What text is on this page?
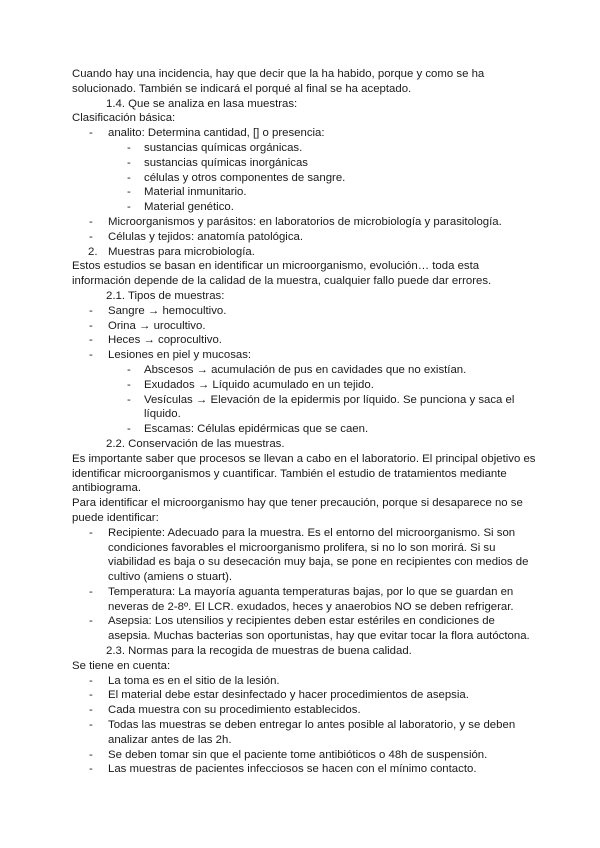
Cuando hay una incidencia, hay que decir que la ha habido, porque y como se ha
solucionado. También se indicará el porqué al final se ha aceptado.
1.4. Que se analiza en lasa muestras:
Clasificación básica:
- analito: Determina cantidad, [] o presencia:
- sustancias químicas orgánicas.
- sustancias químicas inorgánicas
- células y otros componentes de sangre.
- Material inmunitario.
- Material genético.
- Microorganismos y parásitos: en laboratorios de microbiología y parasitología.
- Células y tejidos: anatomía patológica.
2. Muestras para microbiología.
Estos estudios se basan en identificar un microorganismo, evolución… toda esta
información depende de la calidad de la muestra, cualquier fallo puede dar errores.
2.1. Tipos de muestras:
- Sangre → hemocultivo.
- Orina → urocultivo.
- Heces → coprocultivo.
- Lesiones en piel y mucosas:
- Abscesos → acumulación de pus en cavidades que no existían.
- Exudados → Líquido acumulado en un tejido.
- Vesículas → Elevación de la epidermis por líquido. Se punciona y saca el
líquido.
- Escamas: Células epidérmicas que se caen.
2.2. Conservación de las muestras.
Es importante saber que procesos se llevan a cabo en el laboratorio. El principal objetivo es
identificar microorganismos y cuantificar. También el estudio de tratamientos mediante
antibiograma.
Para identificar el microorganismo hay que tener precaución, porque si desaparece no se
puede identificar:
- Recipiente: Adecuado para la muestra. Es el entorno del microorganismo. Si son
condiciones favorables el microorganismo prolifera, si no lo son morirá. Si su
viabilidad es baja o su desecación muy baja, se pone en recipientes con medios de
cultivo (amiens o stuart).
- Temperatura: La mayoría aguanta temperaturas bajas, por lo que se guardan en
neveras de 2-8º. El LCR. exudados, heces y anaerobios NO se deben refrigerar.
- Asepsia: Los utensilios y recipientes deben estar estériles en condiciones de
asepsia. Muchas bacterias son oportunistas, hay que evitar tocar la flora autóctona.
2.3. Normas para la recogida de muestras de buena calidad.
Se tiene en cuenta:
- La toma es en el sitio de la lesión.
- El material debe estar desinfectado y hacer procedimientos de asepsia.
- Cada muestra con su procedimiento establecidos.
- Todas las muestras se deben entregar lo antes posible al laboratorio, y se deben
analizar antes de las 2h.
- Se deben tomar sin que el paciente tome antibióticos o 48h de suspensión.
- Las muestras de pacientes infecciosos se hacen con el mínimo contacto.
